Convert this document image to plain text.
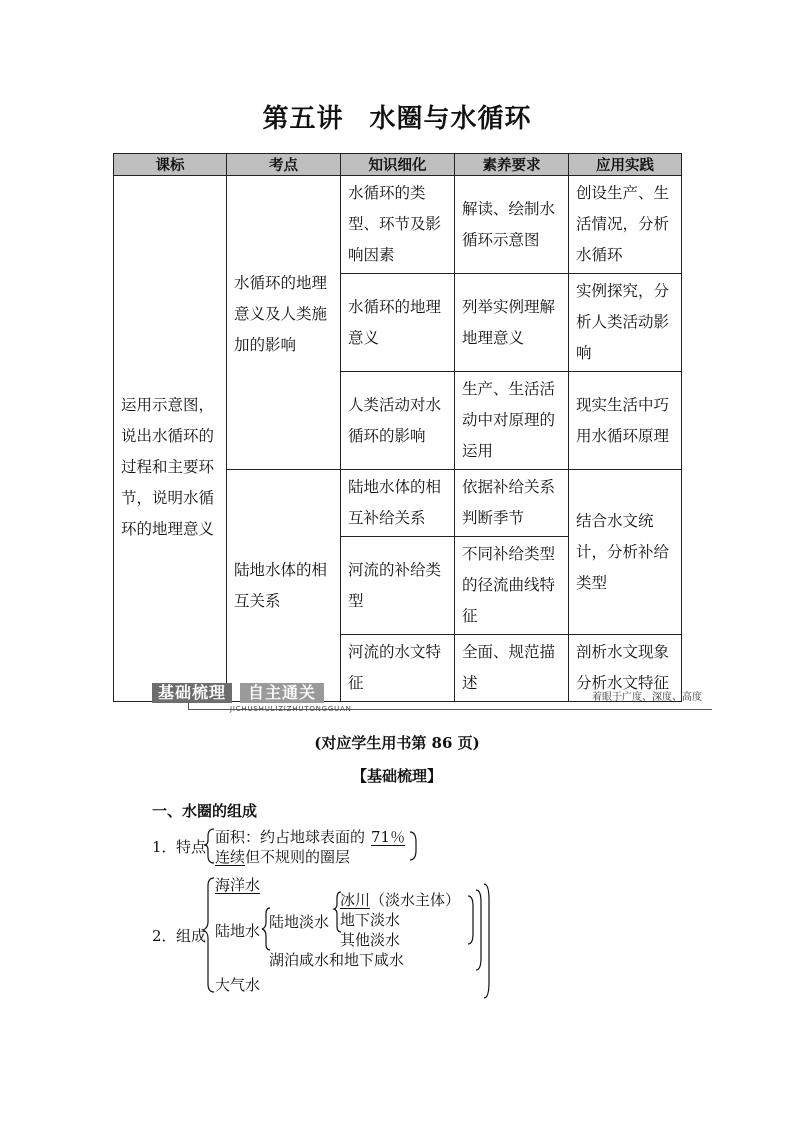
第五讲 水圈与水循环
课标	考点	知识细化	素养要求	应用实践
运用示意图，说出水循环的过程和主要环节，说明水循环的地理意义	水循环的地理意义及人类施加的影响	水循环的类型、环节及影响因素	解读、绘制水循环示意图	创设生产、生活情况，分析水循环
		水循环的地理意义	列举实例理解地理意义	实例探究，分析人类活动影响
		人类活动对水循环的影响	生产、生活活动中对原理的运用	现实生活中巧用水循环原理
	陆地水体的相互关系	陆地水体的相互补给关系	依据补给关系判断季节	结合水文统计，分析补给类型
		河流的补给类型	不同补给类型的径流曲线特征	
		河流的水文特征	全面、规范描述	剖析水文现象分析水文特征
基础梳理	自主通关
JICHUSHULIZIZHUTONGGUAN
着眼于广度、深度、高度
(对应学生用书第 86 页)
【基础梳理】
一、水圈的组成
1． 特点
面积：约占地球表面的 71％
连续但不规则的圈层
海洋水
2． 组成 陆地水 陆地淡水
冰川（淡水主体）
地下淡水
其他淡水
湖泊咸水和地下咸水
大气水
